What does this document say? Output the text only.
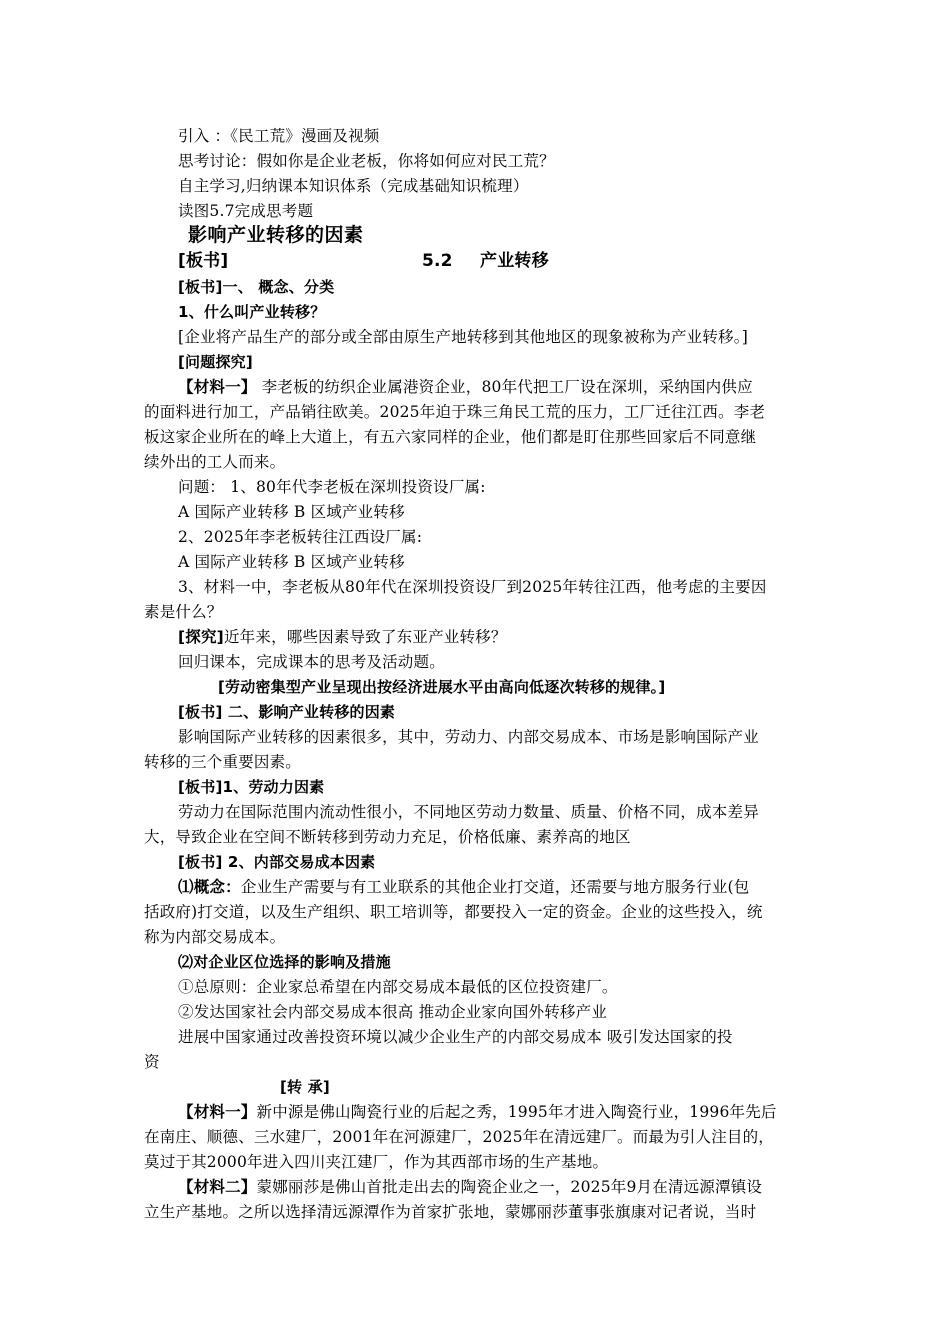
引入 ：《民工荒》漫画及视频
思考讨论：假如你是企业老板，你将如何应对民工荒？
自主学习,归纳课本知识体系（完成基础知识梳理）
读图5.7完成思考题
影响产业转移的因素
[板书]	5.2 产业转移
[板书]一、 概念、分类
1、什么叫产业转移？
[企业将产品生产的部分或全部由原生产地转移到其他地区的现象被称为产业转移。]
[问题探究]
【材料一】 李老板的纺织企业属港资企业，80年代把工厂设在深圳，采纳国内供应
的面料进行加工，产品销往欧美。2025年迫于珠三角民工荒的压力，工厂迁往江西。李老
板这家企业所在的峰上大道上，有五六家同样的企业，他们都是盯住那些回家后不同意继
续外出的工人而来。
问题： 1、80年代李老板在深圳投资设厂属:
A 国际产业转移 B 区域产业转移
2、2025年李老板转往江西设厂属:
A 国际产业转移 B 区域产业转移
3、材料一中，李老板从80年代在深圳投资设厂到2025年转往江西，他考虑的主要因
素是什么？
[探究]近年来，哪些因素导致了东亚产业转移？
回归课本，完成课本的思考及活动题。
[劳动密集型产业呈现出按经济进展水平由高向低逐次转移的规律。]
[板书] 二、影响产业转移的因素
影响国际产业转移的因素很多，其中，劳动力、内部交易成本、市场是影响国际产业
转移的三个重要因素。
[板书]1、劳动力因素
劳动力在国际范围内流动性很小，不同地区劳动力数量、质量、价格不同，成本差异
大，导致企业在空间不断转移到劳动力充足，价格低廉、素养高的地区
[板书] 2、内部交易成本因素
⑴概念：企业生产需要与有工业联系的其他企业打交道，还需要与地方服务行业(包
括政府)打交道，以及生产组织、职工培训等，都要投入一定的资金。企业的这些投入，统
称为内部交易成本。
⑵对企业区位选择的影响及措施
①总原则：企业家总希望在内部交易成本最低的区位投资建厂。
②发达国家社会内部交易成本很高 推动企业家向国外转移产业
进展中国家通过改善投资环境以减少企业生产的内部交易成本 吸引发达国家的投
资
[转 承]
【材料一】新中源是佛山陶瓷行业的后起之秀，1995年才进入陶瓷行业，1996年先后
在南庄、顺德、三水建厂，2001年在河源建厂，2025年在清远建厂。而最为引人注目的，
莫过于其2000年进入四川夹江建厂，作为其西部市场的生产基地。
【材料二】蒙娜丽莎是佛山首批走出去的陶瓷企业之一，2025年9月在清远源潭镇设
立生产基地。之所以选择清远源潭作为首家扩张地，蒙娜丽莎董事张旗康对记者说，当时
